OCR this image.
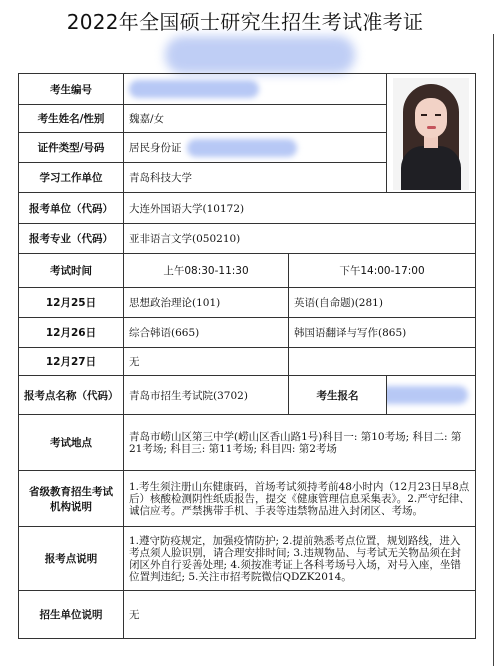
2022年全国硕士研究生招生考试准考证
考生编号			

考生姓名/性别	魏嘉/女		
证件类型/号码	居民身份证		
学习工作单位	青岛科技大学		
报考单位（代码）	大连外国语大学(10172)		
报考专业（代码）	亚非语言文学(050210)		
考试时间	上午08:30-11:30	下午14:00-17:00	
12月25日	思想政治理论(101)	英语(自命题)(281)	
12月26日	综合韩语(665)	韩国语翻译与写作(865)	
12月27日	无		
报考点名称（代码）	青岛市招生考试院(3702)	考生报名	
考试地点	青岛市崂山区第三中学(崂山区香山路1号)科目一: 第10考场; 科目二: 第21考场; 科目三: 第11考场; 科目四: 第2考场		
省级教育招生考试机构说明	1.考生须注册山东健康码，首场考试须持考前48小时内（12月23日早8点后）核酸检测阴性纸质报告，提交《健康管理信息采集表》。2.严守纪律、诚信应考。严禁携带手机、手表等违禁物品进入封闭区、考场。		
报考点说明	1.遵守防疫规定，加强疫情防护; 2.提前熟悉考点位置，规划路线，进入考点须人脸识别，请合理安排时间; 3.违规物品、与考试无关物品须在封闭区外自行妥善处理; 4.须按准考证上各科考场号入场，对号入座，坐错位置判违纪; 5.关注市招考院微信QDZK2014。		
招生单位说明	无		
